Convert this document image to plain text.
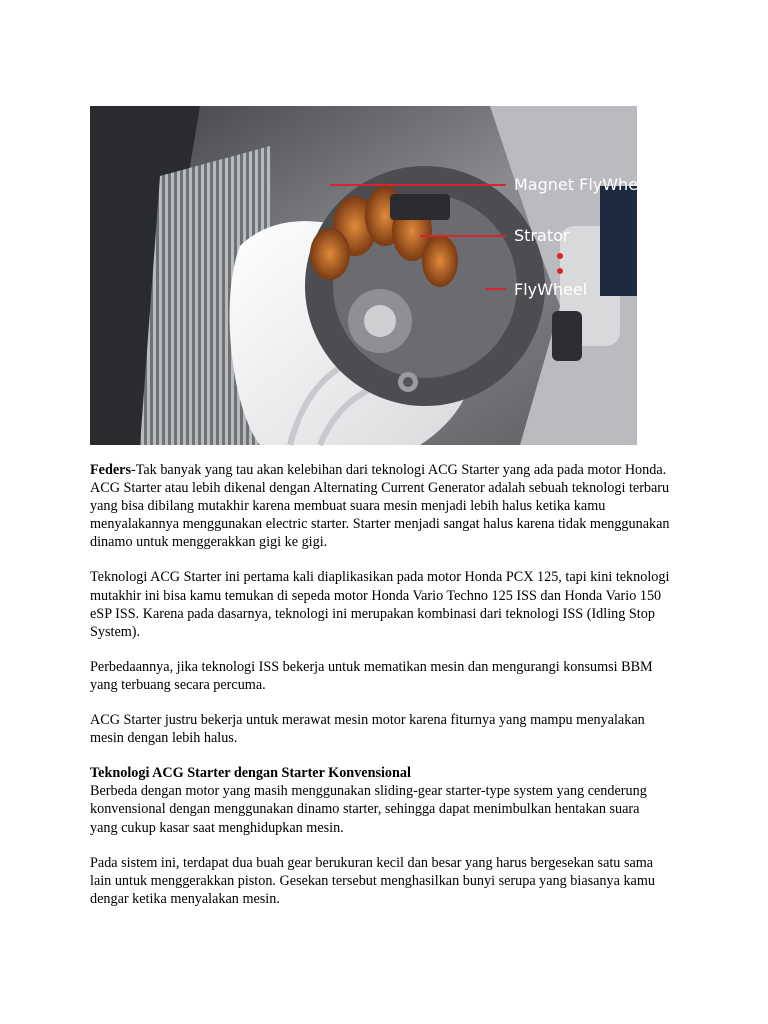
Magnet FlyWheel
Strator
FlyWheel

Feders-Tak banyak yang tau akan kelebihan dari teknologi ACG Starter yang ada pada motor Honda. ACG Starter atau lebih dikenal dengan Alternating Current Generator adalah sebuah teknologi terbaru yang bisa dibilang mutakhir karena membuat suara mesin menjadi lebih halus ketika kamu menyalakannya menggunakan electric starter. Starter menjadi sangat halus karena tidak menggunakan dinamo untuk menggerakkan gigi ke gigi.

Teknologi ACG Starter ini pertama kali diaplikasikan pada motor Honda PCX 125, tapi kini teknologi mutakhir ini bisa kamu temukan di sepeda motor Honda Vario Techno 125 ISS dan Honda Vario 150 eSP ISS. Karena pada dasarnya, teknologi ini merupakan kombinasi dari teknologi ISS (Idling Stop System).

Perbedaannya, jika teknologi ISS bekerja untuk mematikan mesin dan mengurangi konsumsi BBM yang terbuang secara percuma.

ACG Starter justru bekerja untuk merawat mesin motor karena fiturnya yang mampu menyalakan mesin dengan lebih halus.

Teknologi ACG Starter dengan Starter Konvensional

Berbeda dengan motor yang masih menggunakan sliding-gear starter-type system yang cenderung konvensional dengan menggunakan dinamo starter, sehingga dapat menimbulkan hentakan suara yang cukup kasar saat menghidupkan mesin.

Pada sistem ini, terdapat dua buah gear berukuran kecil dan besar yang harus bergesekan satu sama lain untuk menggerakkan piston. Gesekan tersebut menghasilkan bunyi serupa yang biasanya kamu dengar ketika menyalakan mesin.
